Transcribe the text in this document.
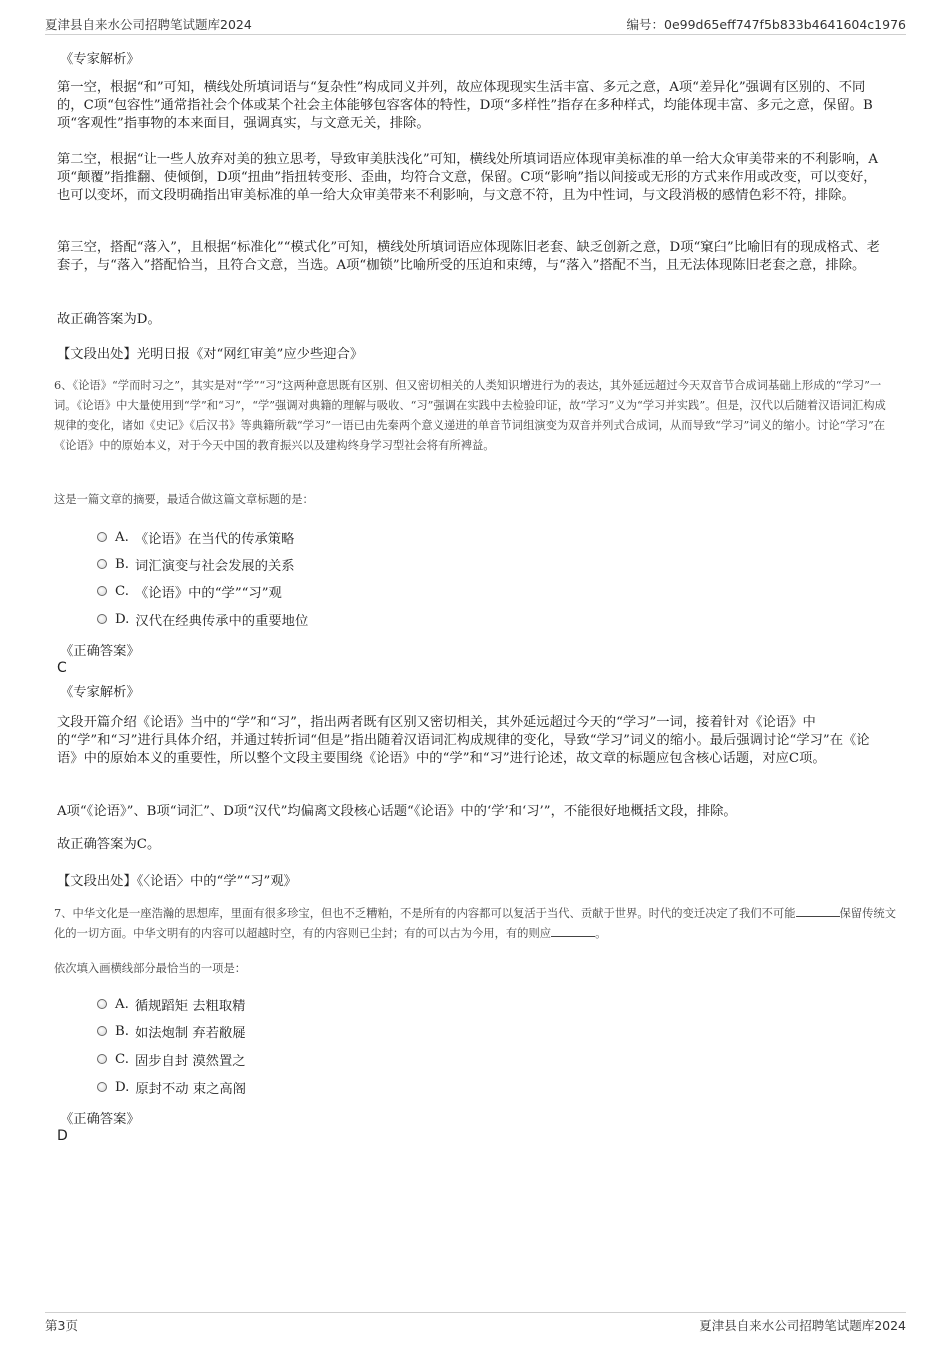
夏津县自来水公司招聘笔试题库2024	编号：0e99d65eff747f5b833b4641604c1976
《专家解析》
第一空，根据“和”可知，横线处所填词语与“复杂性”构成同义并列，故应体现现实生活丰富、多元之意，A项“差异化”强调有区别的、不同的，C项“包容性”通常指社会个体或某个社会主体能够包容客体的特性，D项“多样性”指存在多种样式，均能体现丰富、多元之意，保留。B项“客观性”指事物的本来面目，强调真实，与文意无关，排除。
第二空，根据“让一些人放弃对美的独立思考，导致审美肤浅化”可知，横线处所填词语应体现审美标准的单一给大众审美带来的不利影响，A项“颠覆”指推翻、使倾倒，D项“扭曲”指扭转变形、歪曲，均符合文意，保留。C项“影响”指以间接或无形的方式来作用或改变，可以变好，也可以变坏，而文段明确指出审美标准的单一给大众审美带来不利影响，与文意不符，且为中性词，与文段消极的感情色彩不符，排除。
第三空，搭配“落入”，且根据“标准化”“模式化”可知，横线处所填词语应体现陈旧老套、缺乏创新之意，D项“窠臼”比喻旧有的现成格式、老套子，与“落入”搭配恰当，且符合文意，当选。A项“枷锁”比喻所受的压迫和束缚，与“落入”搭配不当，且无法体现陈旧老套之意，排除。
故正确答案为D。
【文段出处】光明日报《对“网红审美”应少些迎合》
6、《论语》“学而时习之”，其实是对“学”“习”这两种意思既有区别、但又密切相关的人类知识增进行为的表达，其外延远超过今天双音节合成词基础上形成的“学习”一词。《论语》中大量使用到“学”和“习”，“学”强调对典籍的理解与吸收、“习”强调在实践中去检验印证，故“学习”义为“学习并实践”。但是，汉代以后随着汉语词汇构成规律的变化，诸如《史记》《后汉书》等典籍所载“学习”一语已由先秦两个意义递进的单音节词组演变为双音并列式合成词，从而导致“学习”词义的缩小。讨论“学习”在《论语》中的原始本义，对于今天中国的教育振兴以及建构终身学习型社会将有所裨益。
这是一篇文章的摘要，最适合做这篇文章标题的是：
A. 《论语》在当代的传承策略
B. 词汇演变与社会发展的关系
C. 《论语》中的“学”“习”观
D. 汉代在经典传承中的重要地位
《正确答案》
C
《专家解析》
文段开篇介绍《论语》当中的“学”和“习”，指出两者既有区别又密切相关，其外延远超过今天的“学习”一词，接着针对《论语》中的“学”和“习”进行具体介绍，并通过转折词“但是”指出随着汉语词汇构成规律的变化，导致“学习”词义的缩小。最后强调讨论“学习”在《论语》中的原始本义的重要性，所以整个文段主要围绕《论语》中的“学”和“习”进行论述，故文章的标题应包含核心话题，对应C项。
A项“《论语》”、B项“词汇”、D项“汉代”均偏离文段核心话题“《论语》中的‘学’和‘习’”，不能很好地概括文段，排除。
故正确答案为C。
【文段出处】《〈论语〉中的“学”“习”观》
7、中华文化是一座浩瀚的思想库，里面有很多珍宝，但也不乏糟粕，不是所有的内容都可以复活于当代、贡献于世界。时代的变迁决定了我们不可能	保留传统文化的一切方面。中华文明有的内容可以超越时空，有的内容则已尘封；有的可以古为今用，有的则应	。
依次填入画横线部分最恰当的一项是：
A. 循规蹈矩 去粗取精
B. 如法炮制 弃若敝屣
C. 固步自封 漠然置之
D. 原封不动 束之高阁
《正确答案》
D
第3页	夏津县自来水公司招聘笔试题库2024
